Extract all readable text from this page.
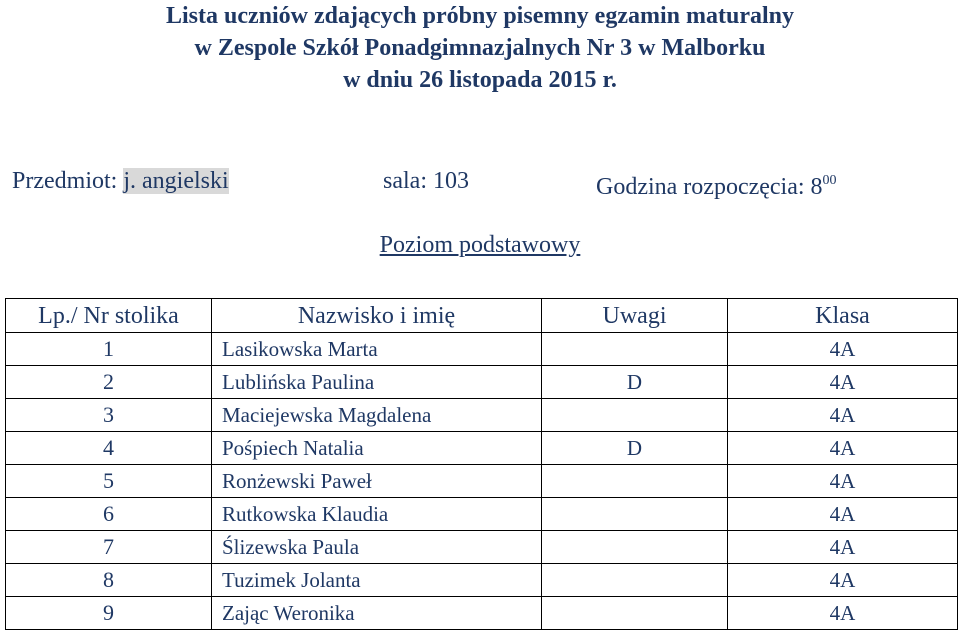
Lista uczniów zdających próbny pisemny egzamin maturalny
w Zespole Szkół Ponadgimnazjalnych Nr 3 w Malborku
w dniu 26 listopada 2015 r.
Przedmiot: j. angielski	sala: 103	Godzina rozpoczęcia: $8^{00}$
Poziom podstawowy
Lp./ Nr stolika	Nazwisko i imię	Uwagi	Klasa
1	Lasikowska Marta		4A
2	Lublińska Paulina	D	4A
3	Maciejewska Magdalena		4A
4	Pośpiech Natalia	D	4A
5	Ronżewski Paweł		4A
6	Rutkowska Klaudia		4A
7	Ślizewska Paula		4A
8	Tuzimek Jolanta		4A
9	Zając Weronika		4A
